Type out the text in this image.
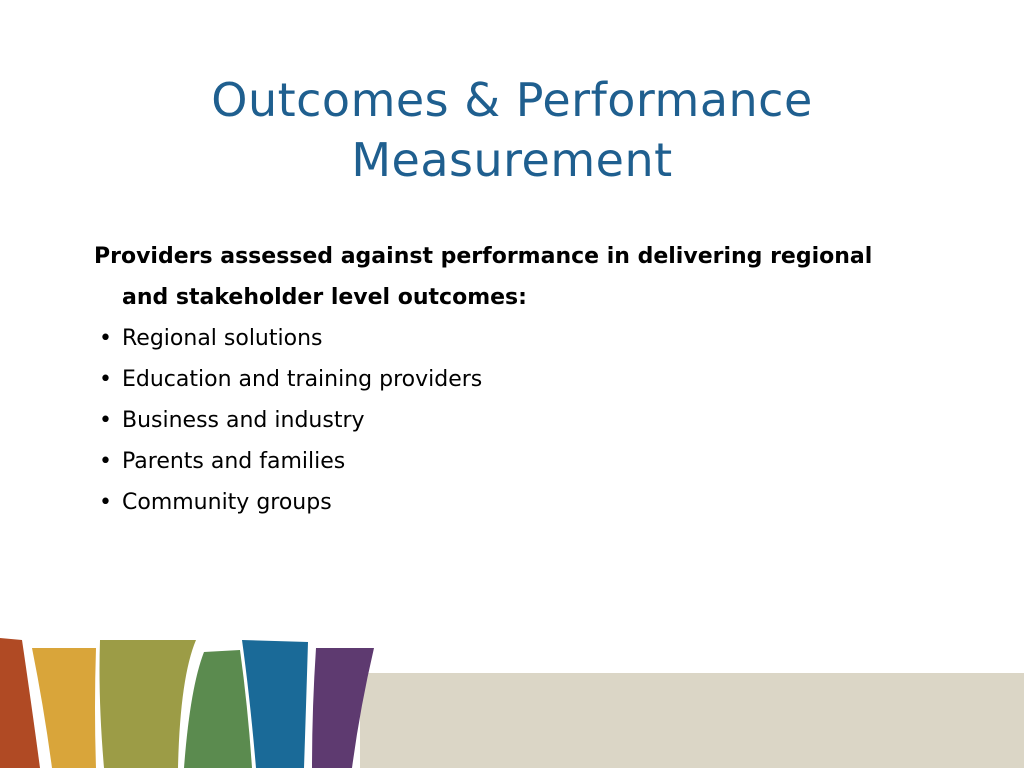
Outcomes & Performance
Measurement

Providers assessed against performance in delivering regional and stakeholder level outcomes:

• Regional solutions
• Education and training providers
• Business and industry
• Parents and families
• Community groups
